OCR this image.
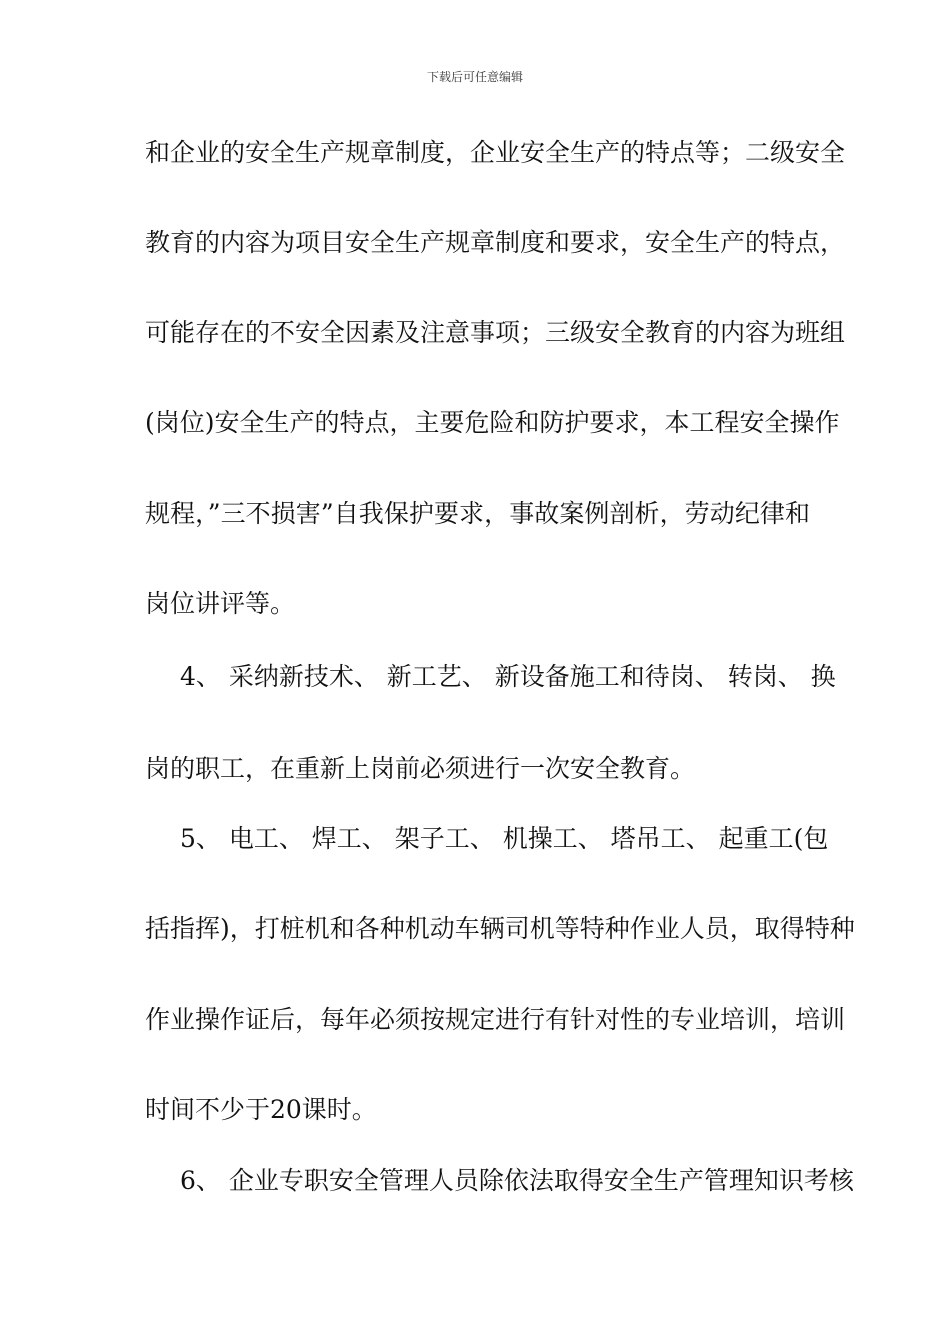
下载后可任意编辑
和企业的安全生产规章制度，企业安全生产的特点等；二级安全
教育的内容为项目安全生产规章制度和要求，安全生产的特点，
可能存在的不安全因素及注意事项；三级安全教育的内容为班组
(岗位)安全生产的特点，主要危险和防护要求，本工程安全操作
规程，”三不损害”自我保护要求，事故案例剖析，劳动纪律和
岗位讲评等。
4、 采纳新技术、 新工艺、 新设备施工和待岗、 转岗、 换
岗的职工，在重新上岗前必须进行一次安全教育。
5、 电工、 焊工、 架子工、 机操工、 塔吊工、 起重工(包
括指挥)，打桩机和各种机动车辆司机等特种作业人员，取得特种
作业操作证后，每年必须按规定进行有针对性的专业培训，培训
时间不少于20课时。
6、 企业专职安全管理人员除依法取得安全生产管理知识考核
